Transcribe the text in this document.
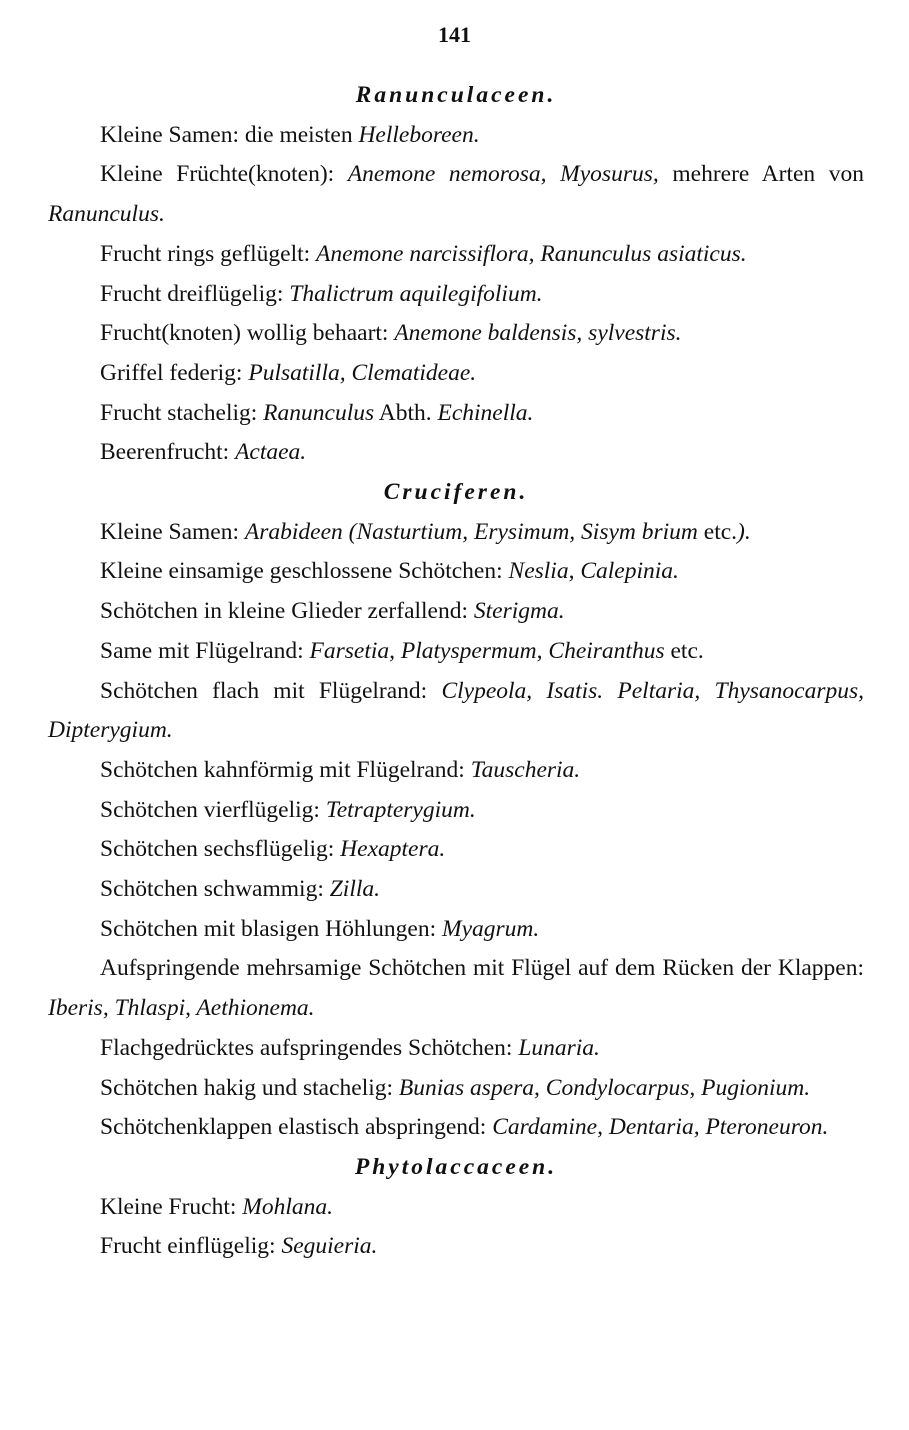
141
Ranunculaceen.

Kleine Samen: die meisten Helleboreen.

Kleine Früchte(knoten): Anemone nemorosa, Myosurus, mehrere Arten von Ranunculus.

Frucht rings geflügelt: Anemone narcissiflora, Ranunculus asiaticus.

Frucht dreiflügelig: Thalictrum aquilegifolium.

Frucht(knoten) wollig behaart: Anemone baldensis, sylvestris.

Griffel federig: Pulsatilla, Clematideae.

Frucht stachelig: Ranunculus Abth. Echinella.

Beerenfrucht: Actaea.

Cruciferen.

Kleine Samen: Arabideen (Nasturtium, Erysimum, Sisym brium etc.).

Kleine einsamige geschlossene Schötchen: Neslia, Calepinia.

Schötchen in kleine Glieder zerfallend: Sterigma.

Same mit Flügelrand: Farsetia, Platyspermum, Cheiranthus etc.

Schötchen flach mit Flügelrand: Clypeola, Isatis. Peltaria, Thysanocarpus, Dipterygium.

Schötchen kahnförmig mit Flügelrand: Tauscheria.

Schötchen vierflügelig: Tetrapterygium.

Schötchen sechsflügelig: Hexaptera.

Schötchen schwammig: Zilla.

Schötchen mit blasigen Höhlungen: Myagrum.

Aufspringende mehrsamige Schötchen mit Flügel auf dem Rücken der Klappen: Iberis, Thlaspi, Aethionema.

Flachgedrücktes aufspringendes Schötchen: Lunaria.

Schötchen hakig und stachelig: Bunias aspera, Condylocarpus, Pugionium.

Schötchenklappen elastisch abspringend: Cardamine, Dentaria, Pteroneuron.

Phytolaccaceen.

Kleine Frucht: Mohlana.

Frucht einflügelig: Seguieria.
